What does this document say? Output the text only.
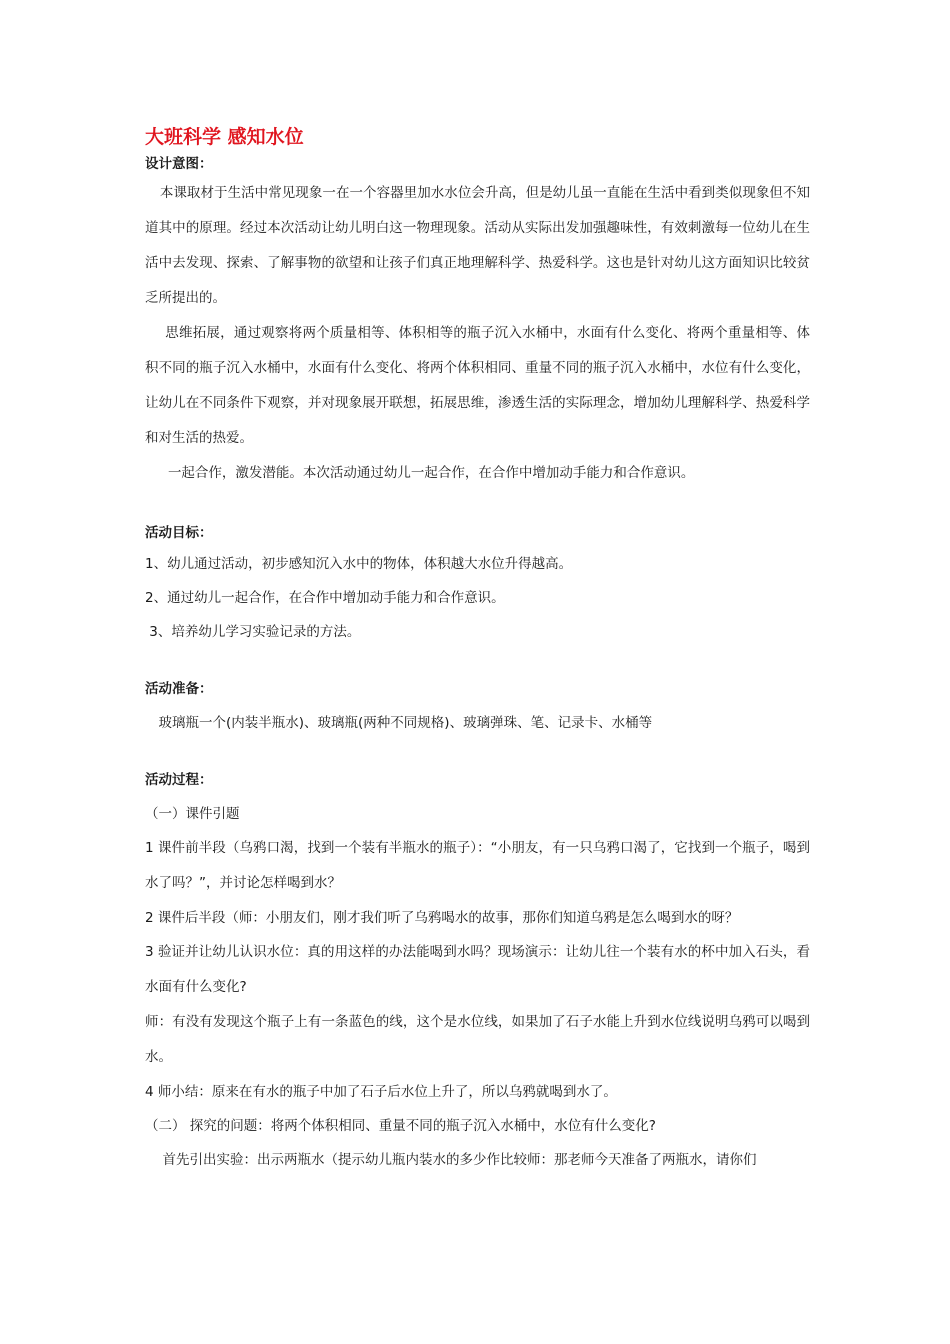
大班科学 感知水位

设计意图：

本课取材于生活中常见现象一在一个容器里加水水位会升高，但是幼儿虽一直能在生活中看到类似现象但不知道其中的原理。经过本次活动让幼儿明白这一物理现象。活动从实际出发加强趣味性，有效刺激每一位幼儿在生活中去发现、探索、了解事物的欲望和让孩子们真正地理解科学、热爱科学。这也是针对幼儿这方面知识比较贫乏所提出的。

思维拓展，通过观察将两个质量相等、体积相等的瓶子沉入水桶中，水面有什么变化、将两个重量相等、体积不同的瓶子沉入水桶中，水面有什么变化、将两个体积相同、重量不同的瓶子沉入水桶中，水位有什么变化，让幼儿在不同条件下观察，并对现象展开联想，拓展思维，渗透生活的实际理念，增加幼儿理解科学、热爱科学和对生活的热爱。

一起合作，激发潜能。本次活动通过幼儿一起合作，在合作中增加动手能力和合作意识。

活动目标：

1、幼儿通过活动，初步感知沉入水中的物体，体积越大水位升得越高。

2、通过幼儿一起合作，在合作中增加动手能力和合作意识。

3、培养幼儿学习实验记录的方法。

活动准备：

玻璃瓶一个(内装半瓶水)、玻璃瓶(两种不同规格)、玻璃弹珠、笔、记录卡、水桶等

活动过程：

（一）课件引题

1 课件前半段（乌鸦口渴，找到一个装有半瓶水的瓶子）：“小朋友，有一只乌鸦口渴了，它找到一个瓶子，喝到水了吗？”，并讨论怎样喝到水？

2 课件后半段（师：小朋友们，刚才我们听了乌鸦喝水的故事，那你们知道乌鸦是怎么喝到水的呀？

3 验证并让幼儿认识水位：真的用这样的办法能喝到水吗？现场演示：让幼儿往一个装有水的杯中加入石头，看水面有什么变化?

师：有没有发现这个瓶子上有一条蓝色的线，这个是水位线，如果加了石子水能上升到水位线说明乌鸦可以喝到水。

4 师小结：原来在有水的瓶子中加了石子后水位上升了，所以乌鸦就喝到水了。

（二） 探究的问题：将两个体积相同、重量不同的瓶子沉入水桶中，水位有什么变化?

首先引出实验：出示两瓶水（提示幼儿瓶内装水的多少作比较师：那老师今天准备了两瓶水，请你们
